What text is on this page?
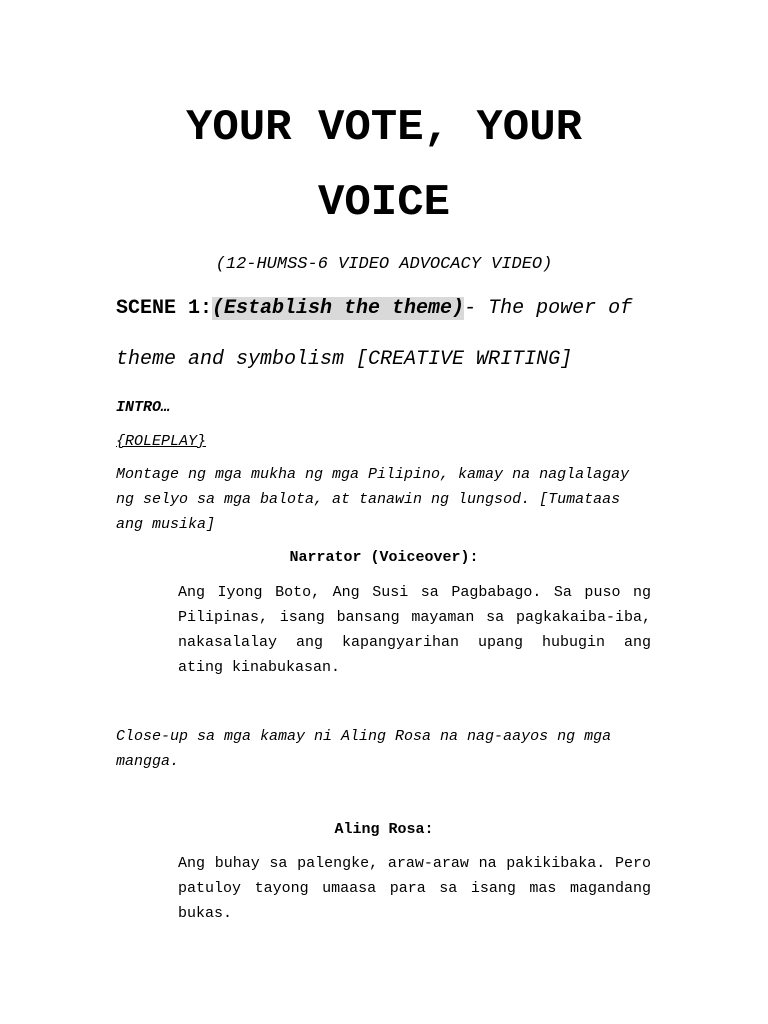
YOUR VOTE, YOUR
VOICE
(12-HUMSS-6 VIDEO ADVOCACY VIDEO)
SCENE 1:(Establish the theme)- The power of
theme and symbolism [CREATIVE WRITING]
INTRO…
{ROLEPLAY}
Montage ng mga mukha ng mga Pilipino, kamay na naglalagay ng selyo sa mga balota, at tanawin ng lungsod. [Tumataas ang musika]
Narrator (Voiceover):
Ang Iyong Boto, Ang Susi sa Pagbabago. Sa puso ng Pilipinas, isang bansang mayaman sa pagkakaiba-iba, nakasalalay ang kapangyarihan upang hubugin ang ating kinabukasan.
Close-up sa mga kamay ni Aling Rosa na nag-aayos ng mga mangga.
Aling Rosa:
Ang buhay sa palengke, araw-araw na pakikibaka. Pero patuloy tayong umaasa para sa isang mas magandang bukas.
